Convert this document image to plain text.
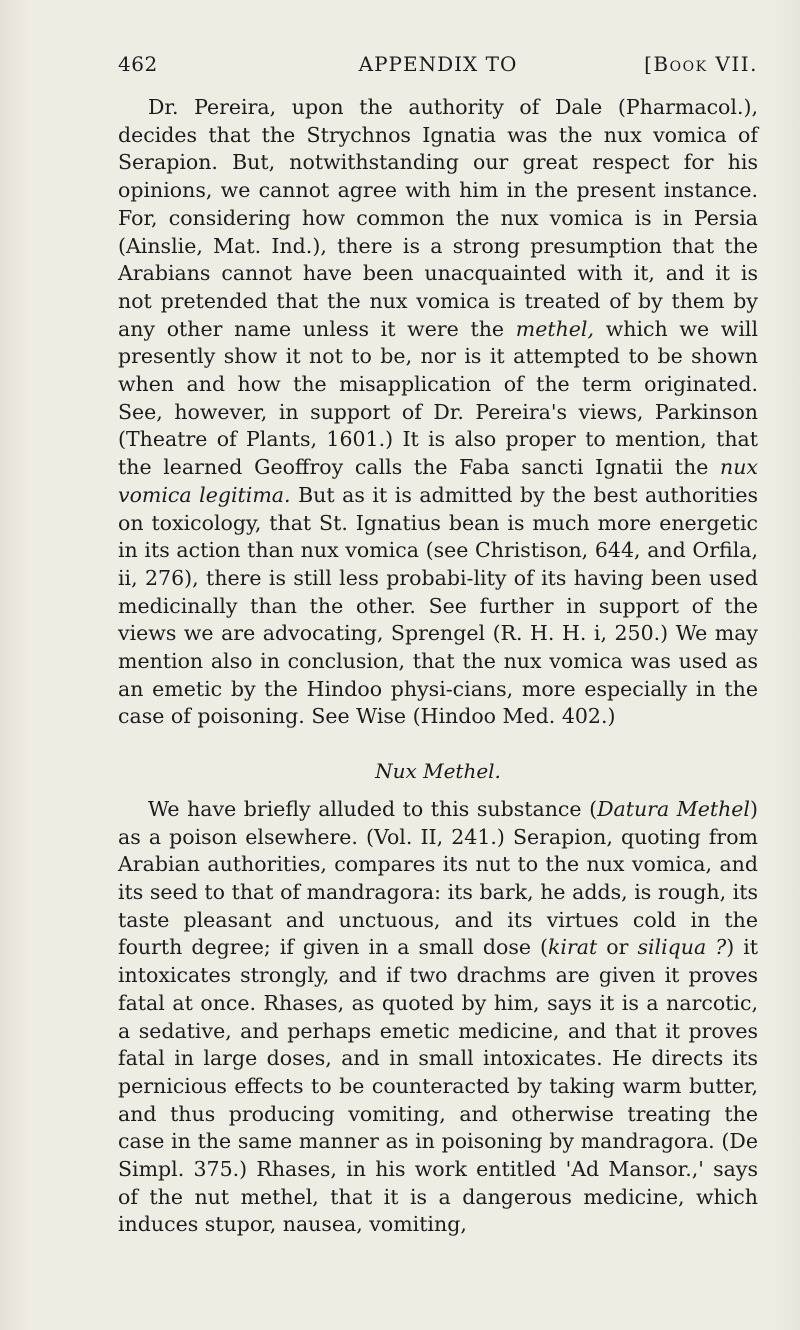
462	APPENDIX TO	[Book VII.

Dr. Pereira, upon the authority of Dale (Pharmacol.), decides that the Strychnos Ignatia was the nux vomica of Serapion. But, notwithstanding our great respect for his opinions, we cannot agree with him in the present instance. For, considering how common the nux vomica is in Persia (Ainslie, Mat. Ind.), there is a strong presumption that the Arabians cannot have been unacquainted with it, and it is not pretended that the nux vomica is treated of by them by any other name unless it were the methel, which we will presently show it not to be, nor is it attempted to be shown when and how the misapplication of the term originated. See, however, in support of Dr. Pereira's views, Parkinson (Theatre of Plants, 1601.) It is also proper to mention, that the learned Geoffroy calls the Faba sancti Ignatii the nux vomica legitima. But as it is admitted by the best authorities on toxicology, that St. Ignatius bean is much more energetic in its action than nux vomica (see Christison, 644, and Orfila, ii, 276), there is still less probabi-lity of its having been used medicinally than the other. See further in support of the views we are advocating, Sprengel (R. H. H. i, 250.) We may mention also in conclusion, that the nux vomica was used as an emetic by the Hindoo physi-cians, more especially in the case of poisoning. See Wise (Hindoo Med. 402.)

Nux Methel.

We have briefly alluded to this substance (Datura Methel) as a poison elsewhere. (Vol. II, 241.) Serapion, quoting from Arabian authorities, compares its nut to the nux vomica, and its seed to that of mandragora: its bark, he adds, is rough, its taste pleasant and unctuous, and its virtues cold in the fourth degree; if given in a small dose (kirat or siliqua ?) it intoxicates strongly, and if two drachms are given it proves fatal at once. Rhases, as quoted by him, says it is a narcotic, a sedative, and perhaps emetic medicine, and that it proves fatal in large doses, and in small intoxicates. He directs its pernicious effects to be counteracted by taking warm butter, and thus producing vomiting, and otherwise treating the case in the same manner as in poisoning by mandragora. (De Simpl. 375.) Rhases, in his work entitled 'Ad Mansor.,' says of the nut methel, that it is a dangerous medicine, which induces stupor, nausea, vomiting,
